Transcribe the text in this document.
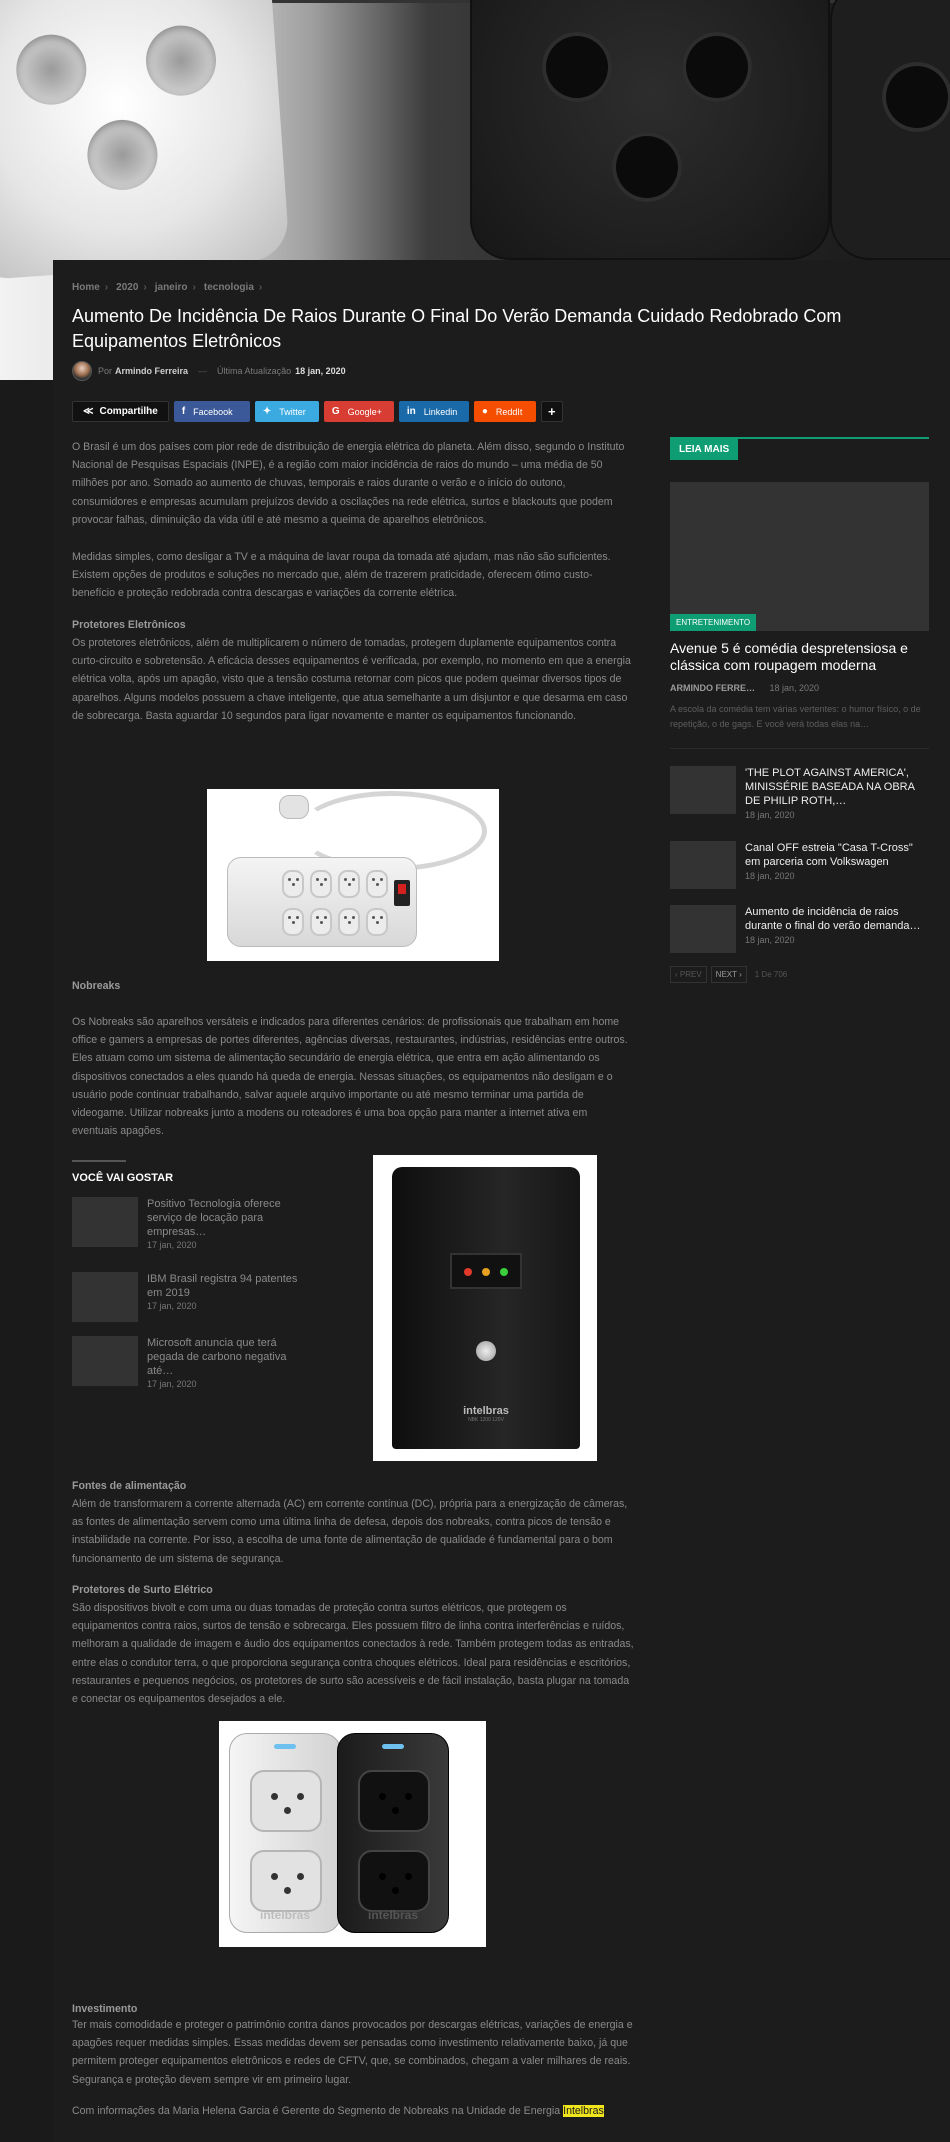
Home › 2020 › janeiro › tecnologia ›
Aumento De Incidência De Raios Durante O Final Do Verão Demanda Cuidado Redobrado Com Equipamentos Eletrônicos
Por Armindo Ferreira — Última Atualização 18 jan, 2020
≪ Compartilhe f Facebook	✦ Twitter	G Google+ in Linkedin ● ReddIt +

O Brasil é um dos países com pior rede de distribuição de energia elétrica do planeta. Além disso, segundo o Instituto Nacional de Pesquisas Espaciais (INPE), é a região com maior incidência de raios do mundo – uma média de 50 milhões por ano. Somado ao aumento de chuvas, temporais e raios durante o verão e o início do outono, consumidores e empresas acumulam prejuízos devido a oscilações na rede elétrica, surtos e blackouts que podem provocar falhas, diminuição da vida útil e até mesmo a queima de aparelhos eletrônicos.

Medidas simples, como desligar a TV e a máquina de lavar roupa da tomada até ajudam, mas não são suficientes. Existem opções de produtos e soluções no mercado que, além de trazerem praticidade, oferecem ótimo custo-benefício e proteção redobrada contra descargas e variações da corrente elétrica.

Protetores Eletrônicos

Os protetores eletrônicos, além de multiplicarem o número de tomadas, protegem duplamente equipamentos contra curto-circuito e sobretensão. A eficácia desses equipamentos é verificada, por exemplo, no momento em que a energia elétrica volta, após um apagão, visto que a tensão costuma retornar com picos que podem queimar diversos tipos de aparelhos. Alguns modelos possuem a chave inteligente, que atua semelhante a um disjuntor e que desarma em caso de sobrecarga. Basta aguardar 10 segundos para ligar novamente e manter os equipamentos funcionando.

Nobreaks

Os Nobreaks são aparelhos versáteis e indicados para diferentes cenários: de profissionais que trabalham em home office e gamers a empresas de portes diferentes, agências diversas, restaurantes, indústrias, residências entre outros. Eles atuam como um sistema de alimentação secundário de energia elétrica, que entra em ação alimentando os dispositivos conectados a eles quando há queda de energia. Nessas situações, os equipamentos não desligam e o usuário pode continuar trabalhando, salvar aquele arquivo importante ou até mesmo terminar uma partida de videogame. Utilizar nobreaks junto a modens ou roteadores é uma boa opção para manter a internet ativa em eventuais apagões.

VOCÊ VAI GOSTAR
Positivo Tecnologia oferece serviço de locação para empresas…
17 jan, 2020
IBM Brasil registra 94 patentes em 2019
17 jan, 2020
Microsoft anuncia que terá pegada de carbono negativa até…
17 jan, 2020
intelbras
NBK 1200 120V

Fontes de alimentação

Além de transformarem a corrente alternada (AC) em corrente contínua (DC), própria para a energização de câmeras, as fontes de alimentação servem como uma última linha de defesa, depois dos nobreaks, contra picos de tensão e instabilidade na corrente. Por isso, a escolha de uma fonte de alimentação de qualidade é fundamental para o bom funcionamento de um sistema de segurança.

Protetores de Surto Elétrico

São dispositivos bivolt e com uma ou duas tomadas de proteção contra surtos elétricos, que protegem os equipamentos contra raios, surtos de tensão e sobrecarga. Eles possuem filtro de linha contra interferências e ruídos, melhoram a qualidade de imagem e áudio dos equipamentos conectados à rede. Também protegem todas as entradas, entre elas o condutor terra, o que proporciona segurança contra choques elétricos. Ideal para residências e escritórios, restaurantes e pequenos negócios, os protetores de surto são acessíveis e de fácil instalação, basta plugar na tomada e conectar os equipamentos desejados a ele.

intelbras	intelbras

Investimento

Ter mais comodidade e proteger o patrimônio contra danos provocados por descargas elétricas, variações de energia e apagões requer medidas simples. Essas medidas devem ser pensadas como investimento relativamente baixo, já que permitem proteger equipamentos eletrônicos e redes de CFTV, que, se combinados, chegam a valer milhares de reais. Segurança e proteção devem sempre vir em primeiro lugar.

Com informações da Maria Helena Garcia é Gerente do Segmento de Nobreaks na Unidade de Energia Intelbras

LEIA MAIS
ENTRETENIMENTO
Avenue 5 é comédia despretensiosa e clássica com roupagem moderna
ARMINDO FERRE… 18 jan, 2020
A escola da comédia tem várias vertentes: o humor físico, o de repetição, o de gags. E você verá todas elas na…
'THE PLOT AGAINST AMERICA', MINISSÉRIE BASEADA NA OBRA DE PHILIP ROTH,…
18 jan, 2020
Canal OFF estreia "Casa T-Cross" em parceria com Volkswagen
18 jan, 2020
Aumento de incidência de raios durante o final do verão demanda…
18 jan, 2020
‹ PREV	NEXT ›	1 De 706
